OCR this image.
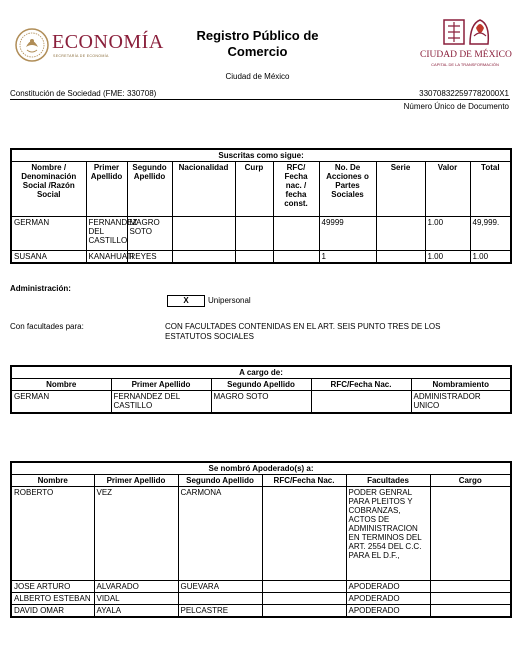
ECONOMÍA
SECRETARÍA DE ECONOMÍA
Registro Público de Comercio
Ciudad de México
CIUDAD DE MÉXICO
CAPITAL DE LA TRANSFORMACIÓN
Constitución de Sociedad (FME: 330708)	330708322597782000X1
Número Único de Documento
Suscritas como sigue:									
Nombre / Denominación Social /Razón Social	Primer Apellido	Segundo Apellido	Nacionalidad	Curp	RFC/ Fecha nac. / fecha const.	No. De Acciones o Partes Sociales	Serie	Valor	Total
GERMAN	FERNANDEZ DEL CASTILLO	MAGRO SOTO				49999		1.00	49,999.
SUSANA	KANAHUATI	REYES				1		1.00	1.00
Administración:
X	Unipersonal
Con facultades para:	CON FACULTADES CONTENIDAS EN EL ART. SEIS PUNTO TRES DE LOS ESTATUTOS SOCIALES
A cargo de:				
Nombre	Primer Apellido	Segundo Apellido	RFC/Fecha Nac.	Nombramiento
GERMAN	FERNANDEZ DEL CASTILLO	MAGRO SOTO		ADMINISTRADOR UNICO
Se nombró Apoderado(s) a:					
Nombre	Primer Apellido	Segundo Apellido	RFC/Fecha Nac.	Facultades	Cargo
ROBERTO	VEZ	CARMONA		PODER GENRAL PARA PLEITOS Y COBRANZAS, ACTOS DE ADMINISTRACION EN TERMINOS DEL ART. 2554 DEL C.C. PARA EL D.F.,	
JOSE ARTURO	ALVARADO	GUEVARA		APODERADO	
ALBERTO ESTEBAN	VIDAL			APODERADO	
DAVID OMAR	AYALA	PELCASTRE		APODERADO	
